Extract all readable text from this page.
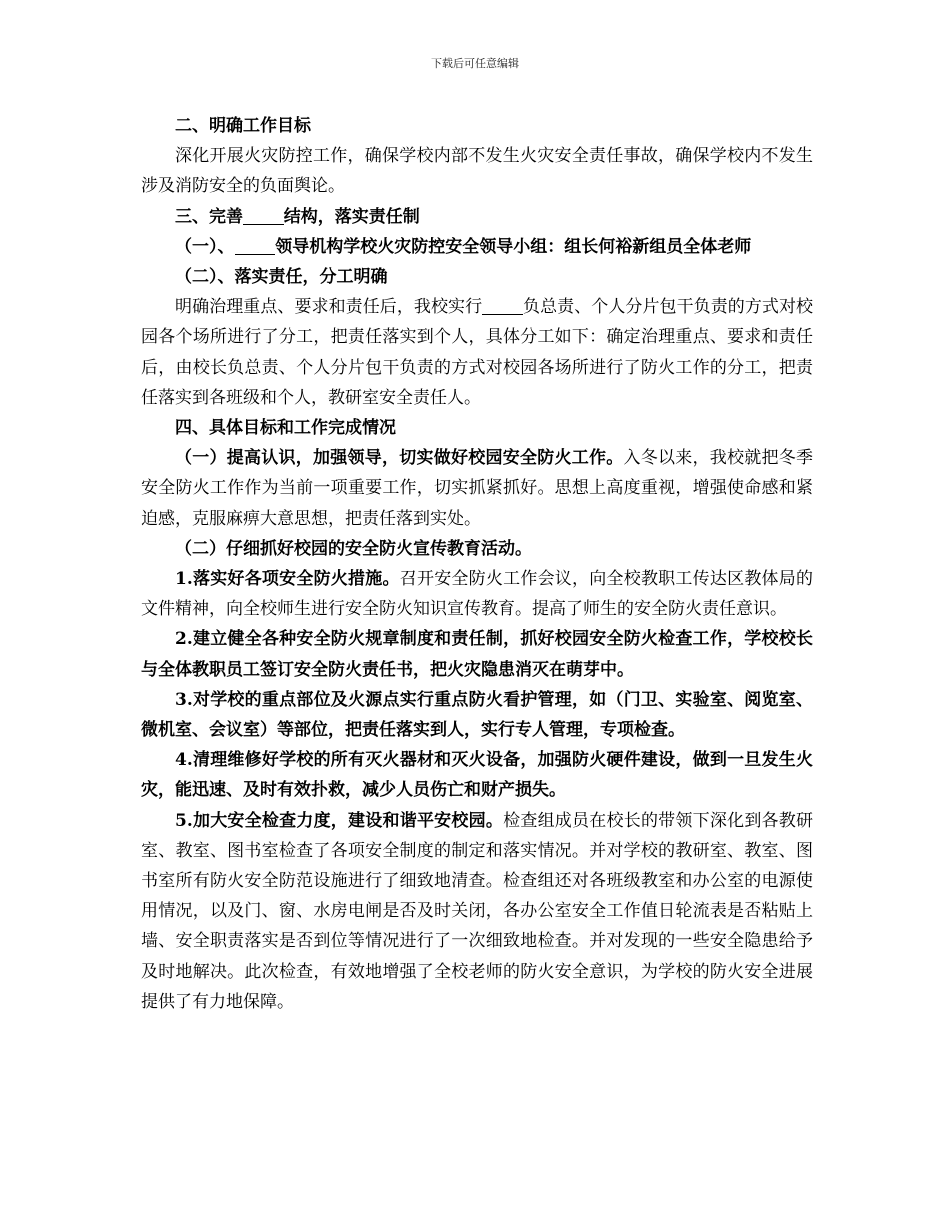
下载后可任意编辑

二、明确工作目标

深化开展火灾防控工作，确保学校内部不发生火灾安全责任事故，确保学校内不发生涉及消防安全的负面舆论。

三、完善 结构，落实责任制

（一）、 领导机构学校火灾防控安全领导小组：组长何裕新组员全体老师

（二）、落实责任，分工明确

明确治理重点、要求和责任后，我校实行 负总责、个人分片包干负责的方式对校园各个场所进行了分工，把责任落实到个人，具体分工如下：确定治理重点、要求和责任后，由校长负总责、个人分片包干负责的方式对校园各场所进行了防火工作的分工，把责任落实到各班级和个人，教研室安全责任人。

四、具体目标和工作完成情况

（一）提高认识，加强领导，切实做好校园安全防火工作。入冬以来，我校就把冬季安全防火工作作为当前一项重要工作，切实抓紧抓好。思想上高度重视，增强使命感和紧迫感，克服麻痹大意思想，把责任落到实处。

（二）仔细抓好校园的安全防火宣传教育活动。

1.落实好各项安全防火措施。召开安全防火工作会议，向全校教职工传达区教体局的文件精神，向全校师生进行安全防火知识宣传教育。提高了师生的安全防火责任意识。

2.建立健全各种安全防火规章制度和责任制，抓好校园安全防火检查工作，学校校长与全体教职员工签订安全防火责任书，把火灾隐患消灭在萌芽中。

3.对学校的重点部位及火源点实行重点防火看护管理，如（门卫、实验室、阅览室、微机室、会议室）等部位，把责任落实到人，实行专人管理，专项检查。

4.清理维修好学校的所有灭火器材和灭火设备，加强防火硬件建设，做到一旦发生火灾，能迅速、及时有效扑救，减少人员伤亡和财产损失。

5.加大安全检查力度，建设和谐平安校园。检查组成员在校长的带领下深化到各教研室、教室、图书室检查了各项安全制度的制定和落实情况。并对学校的教研室、教室、图书室所有防火安全防范设施进行了细致地清查。检查组还对各班级教室和办公室的电源使用情况，以及门、窗、水房电闸是否及时关闭，各办公室安全工作值日轮流表是否粘贴上墙、安全职责落实是否到位等情况进行了一次细致地检查。并对发现的一些安全隐患给予及时地解决。此次检查，有效地增强了全校老师的防火安全意识，为学校的防火安全进展提供了有力地保障。
